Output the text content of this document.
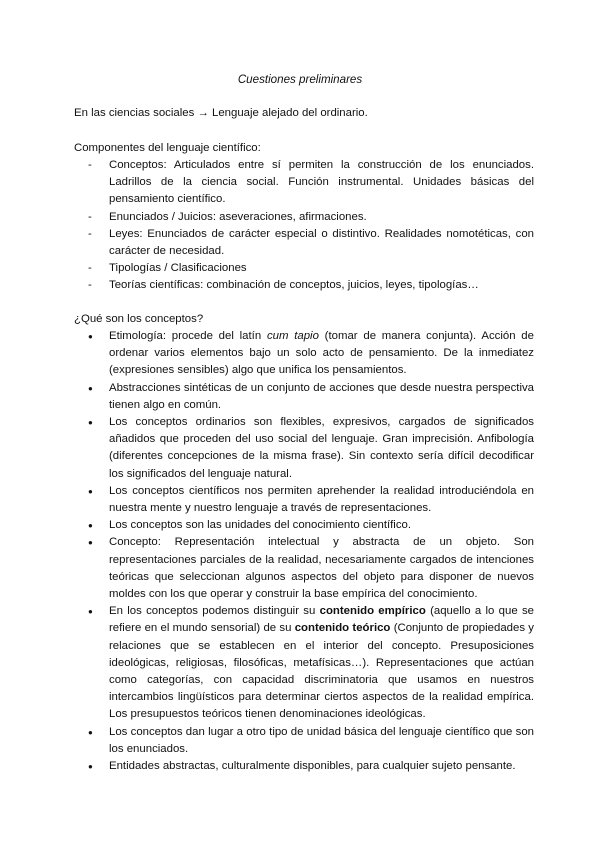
Cuestiones preliminares
En las ciencias sociales → Lenguaje alejado del ordinario.
Componentes del lenguaje científico:
- Conceptos: Articulados entre sí permiten la construcción de los enunciados. Ladrillos de la ciencia social. Función instrumental. Unidades básicas del pensamiento científico.
- Enunciados / Juicios: aseveraciones, afirmaciones.
- Leyes: Enunciados de carácter especial o distintivo. Realidades nomotéticas, con carácter de necesidad.
- Tipologías / Clasificaciones
- Teorías científicas: combinación de conceptos, juicios, leyes, tipologías…
¿Qué son los conceptos?
● Etimología: procede del latín cum tapio (tomar de manera conjunta). Acción de ordenar varios elementos bajo un solo acto de pensamiento. De la inmediatez (expresiones sensibles) algo que unifica los pensamientos.
● Abstracciones sintéticas de un conjunto de acciones que desde nuestra perspectiva tienen algo en común.
● Los conceptos ordinarios son flexibles, expresivos, cargados de significados añadidos que proceden del uso social del lenguaje. Gran imprecisión. Anfibología (diferentes concepciones de la misma frase). Sin contexto sería difícil decodificar los significados del lenguaje natural.
● Los conceptos científicos nos permiten aprehender la realidad introduciéndola en nuestra mente y nuestro lenguaje a través de representaciones.
● Los conceptos son las unidades del conocimiento científico.
● Concepto: Representación intelectual y abstracta de un objeto. Son representaciones parciales de la realidad, necesariamente cargados de intenciones teóricas que seleccionan algunos aspectos del objeto para disponer de nuevos moldes con los que operar y construir la base empírica del conocimiento.
● En los conceptos podemos distinguir su contenido empírico (aquello a lo que se refiere en el mundo sensorial) de su contenido teórico (Conjunto de propiedades y relaciones que se establecen en el interior del concepto. Presuposiciones ideológicas, religiosas, filosóficas, metafísicas…). Representaciones que actúan como categorías, con capacidad discriminatoria que usamos en nuestros intercambios lingüísticos para determinar ciertos aspectos de la realidad empírica. Los presupuestos teóricos tienen denominaciones ideológicas.
● Los conceptos dan lugar a otro tipo de unidad básica del lenguaje científico que son los enunciados.
● Entidades abstractas, culturalmente disponibles, para cualquier sujeto pensante.
